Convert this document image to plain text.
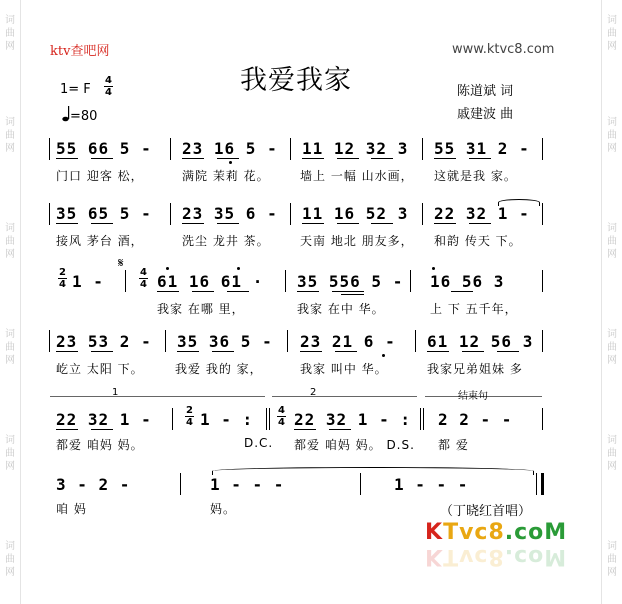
词曲网
词曲网
词曲网
词曲网
词曲网
词曲网
词曲网
词曲网
词曲网
词曲网
词曲网
词曲网
ktv查吧网	www.ktvc8.com
我爱我家
1= F
4
4
=80
陈道斌 词
戚建波 曲
55 66 5 - 23 16 5 - 11 12 32 3 55 31 2 -
门口 迎客 松，	满院 茉莉 花。	墙上 一幅 山水画， 这就是我 家。
35 65 5 - 23 35 6 - 11 16 52 3 22 32 1 -
接风 茅台 酒，	洗尘 龙井 茶。	天南 地北 朋友多， 和韵 传天 下。
2
4 1 -
𝄋
4
4 61 16 61 · 35 556 5 - 16 56 3
我家 在哪 里，	我家 在中 华。	上 下 五千年，
23 53 2 - 35 36 5 - 23 21 6 - 61 12 56 3
屹立 太阳 下。	我爱 我的 家，	我家 叫中 华。	我家兄弟姐妹 多
1	2	结束句
22 32 1 -	2
4 1 - : 4
4 22 32 1 - : 2 2 - -
都爱 咱妈 妈。	D.C. 都爱 咱妈 妈。 D.S. 都 爱
3 - 2 -	1 - - -	1 - - -
咱 妈	妈。	（丁晓红首唱）
KTvc8.coM
KTvc8.coM
